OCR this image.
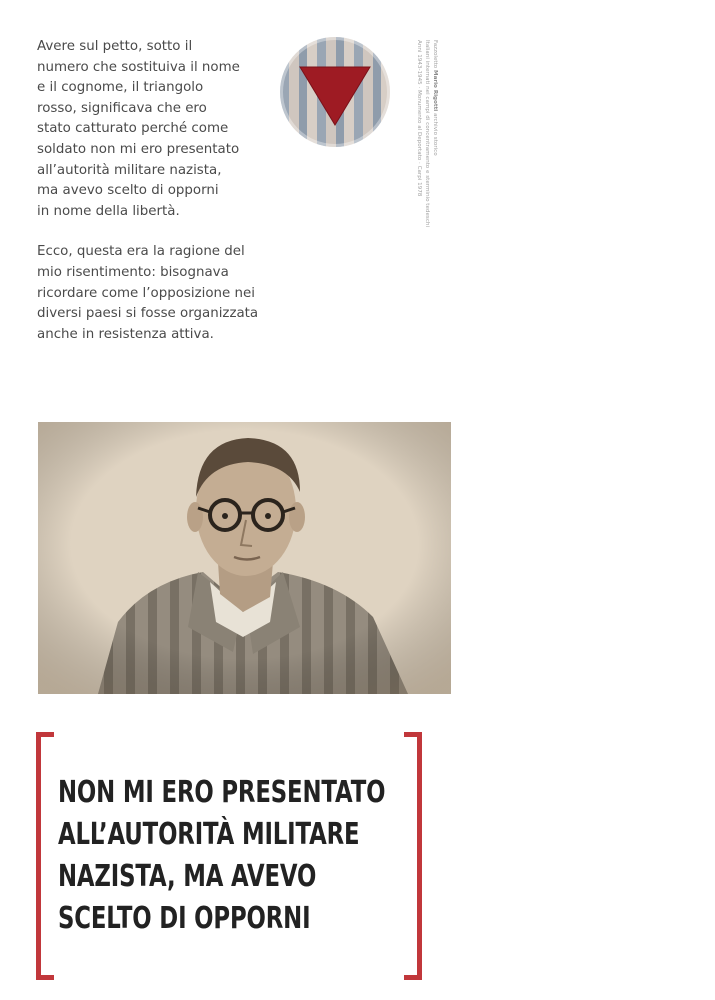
Avere sul petto, sotto il
numero che sostituiva il nome
e il cognome, il triangolo
rosso, significava che ero
stato catturato perché come
soldato non mi ero presentato
all’autorità militare nazista,
ma avevo scelto di opporni
in nome della libertà.

Ecco, questa era la ragione del
mio risentimento: bisognava
ricordare come l’opposizione nei
diversi paesi si fosse organizzata
anche in resistenza attiva.

Fazzoletto Mario Rigotti archivio storico
Italiani internati nei campi di concentramento e sterminio tedeschi
Anni 1943-1945 · Monumento al Deportato · Carpi 1978
NON MI ERO PRESENTATO
ALL’AUTORITÀ MILITARE
NAZISTA, MA AVEVO
SCELTO DI OPPORNI
